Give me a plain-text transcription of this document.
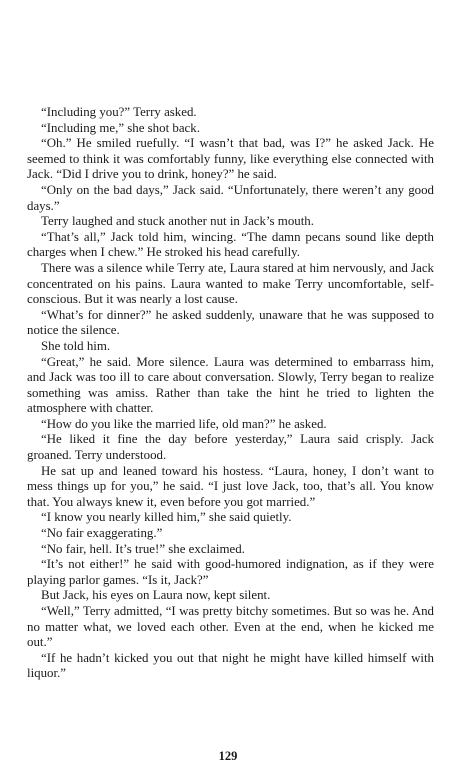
“Including you?” Terry asked.

“Including me,” she shot back.

“Oh.” He smiled ruefully. “I wasn’t that bad, was I?” he asked Jack. He seemed to think it was comfortably funny, like everything else connected with Jack. “Did I drive you to drink, honey?” he said.

“Only on the bad days,” Jack said. “Unfortunately, there weren’t any good days.”

Terry laughed and stuck another nut in Jack’s mouth.

“That’s all,” Jack told him, wincing. “The damn pecans sound like depth charges when I chew.” He stroked his head carefully.

There was a silence while Terry ate, Laura stared at him nervously, and Jack concentrated on his pains. Laura wanted to make Terry uncomfortable, self-conscious. But it was nearly a lost cause.

“What’s for dinner?” he asked suddenly, unaware that he was supposed to notice the silence.

She told him.

“Great,” he said. More silence. Laura was determined to embarrass him, and Jack was too ill to care about conversation. Slowly, Terry began to realize something was amiss. Rather than take the hint he tried to lighten the atmosphere with chatter.

“How do you like the married life, old man?” he asked.

“He liked it fine the day before yesterday,” Laura said crisply. Jack groaned. Terry understood.

He sat up and leaned toward his hostess. “Laura, honey, I don’t want to mess things up for you,” he said. “I just love Jack, too, that’s all. You know that. You always knew it, even before you got married.”

“I know you nearly killed him,” she said quietly.

“No fair exaggerating.”

“No fair, hell. It’s true!” she exclaimed.

“It’s not either!” he said with good-humored indignation, as if they were playing parlor games. “Is it, Jack?”

But Jack, his eyes on Laura now, kept silent.

“Well,” Terry admitted, “I was pretty bitchy sometimes. But so was he. And no matter what, we loved each other. Even at the end, when he kicked me out.”

“If he hadn’t kicked you out that night he might have killed himself with liquor.”

129
